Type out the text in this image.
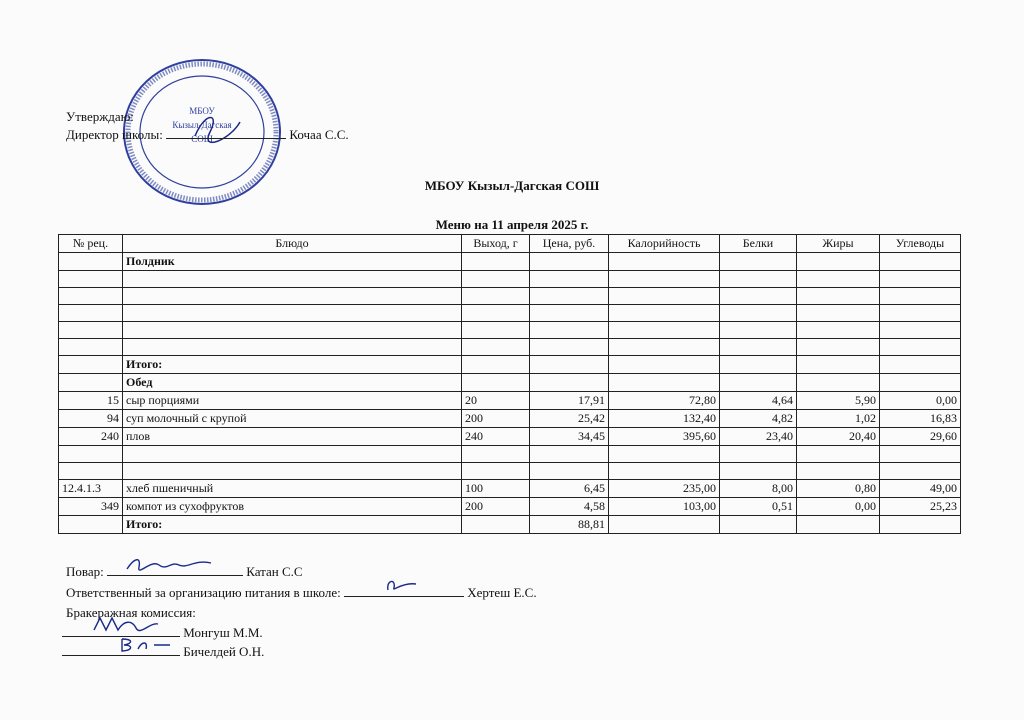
МБОУ
Кызыл-Дагская
СОШ
Утверждаю:
Директор школы:	Кочаа С.С.
МБОУ Кызыл-Дагская СОШ
Меню на 11 апреля 2025 г.
№ рец.	Блюдо	Выход, г	Цена, руб.	Калорийность	Белки	Жиры	Углеводы
	Полдник						

	Итого:						
	Обед						
15	сыр порциями	20	17,91	72,80	4,64	5,90	0,00
94	суп молочный с крупой	200	25,42	132,40	4,82	1,02	16,83
240	плов	240	34,45	395,60	23,40	20,40	29,60

12.4.1.3	хлеб пшеничный	100	6,45	235,00	8,00	0,80	49,00
349	компот из сухофруктов	200	4,58	103,00	0,51	0,00	25,23
	Итого:		88,81				
Повар:	Катан С.С
Ответственный за организацию питания в школе:	Хертеш Е.С.
Бракеражная комиссия:
Монгуш М.М.
Бичелдей О.Н.
